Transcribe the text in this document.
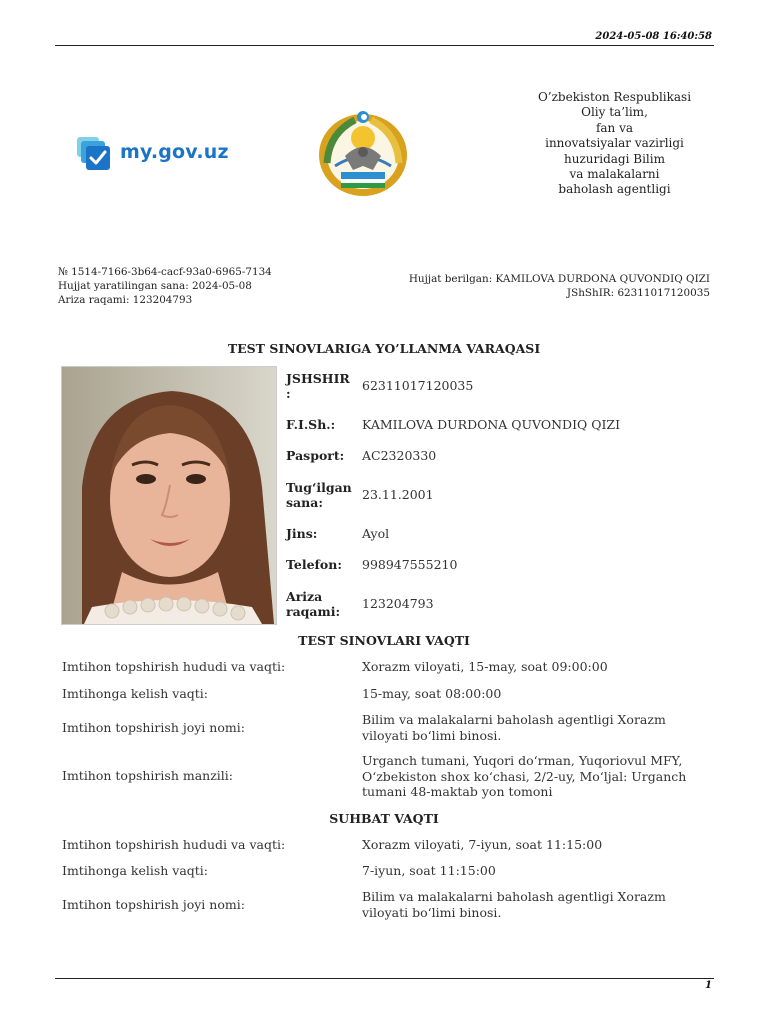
2024-05-08 16:40:58
my.gov.uz
O’zbekiston Respublikasi
Oliy ta’lim,
fan va
innovatsiyalar vazirligi
huzuridagi Bilim
va malakalarni
baholash agentligi
№ 1514-7166-3b64-cacf-93a0-6965-7134
Hujjat yaratilingan sana: 2024-05-08
Ariza raqami: 123204793
Hujjat berilgan: KAMILOVA DURDONA QUVONDIQ QIZI
JShShIR: 62311017120035
TEST SINOVLARIGA YO’LLANMA VARAQASI
JSHSHIR
:
62311017120035
F.I.Sh.: KAMILOVA DURDONA QUVONDIQ QIZI
Pasport: AC2320330
Tug‘ilgan
sana:
23.11.2001
Jins:	Ayol
Telefon: 998947555210
Ariza
raqami:
123204793
TEST SINOVLARI VAQTI
Imtihon topshirish hududi va vaqti:	Xorazm viloyati, 15-may, soat 09:00:00
Imtihonga kelish vaqti:	15-may, soat 08:00:00
Imtihon topshirish joyi nomi:
Bilim va malakalarni baholash agentligi Xorazm
viloyati bo‘limi binosi.
Imtihon topshirish manzili:
Urganch tumani, Yuqori do‘rman, Yuqoriovul MFY,
O‘zbekiston shox ko‘chasi, 2/2-uy, Mo‘ljal: Urganch
tumani 48-maktab yon tomoni
SUHBAT VAQTI
Imtihon topshirish hududi va vaqti:	Xorazm viloyati, 7-iyun, soat 11:15:00
Imtihonga kelish vaqti:	7-iyun, soat 11:15:00
Imtihon topshirish joyi nomi:
Bilim va malakalarni baholash agentligi Xorazm
viloyati bo‘limi binosi.
1
